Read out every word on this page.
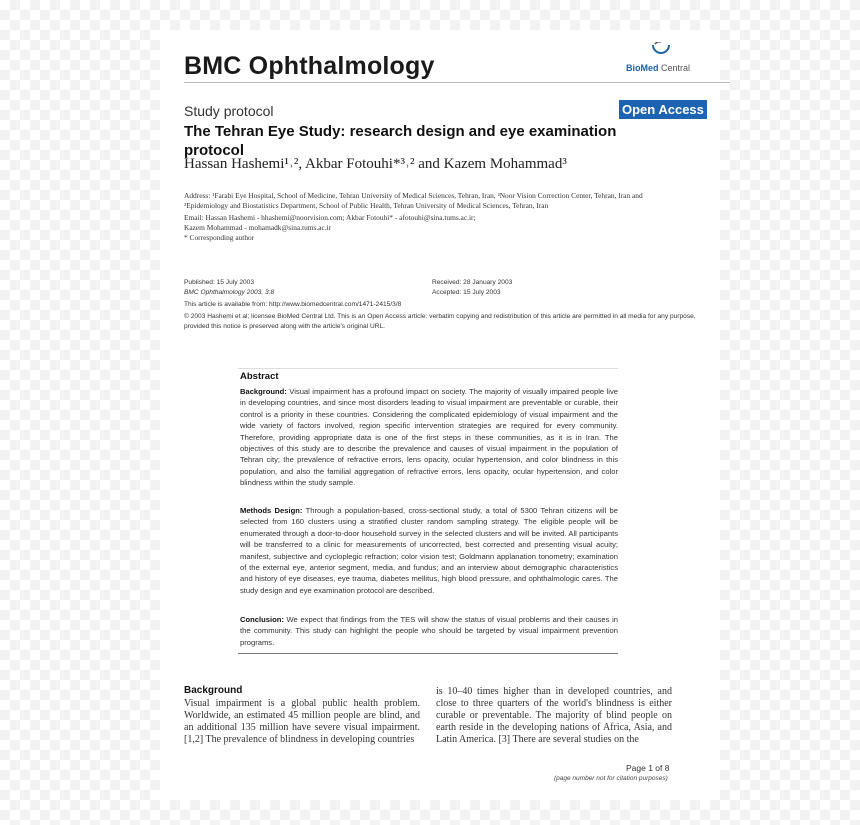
BMC Ophthalmology	BioMed Central
Study protocol	Open Access
The Tehran Eye Study: research design and eye examination protocol
Hassan Hashemi¹˒², Akbar Fotouhi*³˒² and Kazem Mohammad³
Address: ¹Farabi Eye Hospital, School of Medicine, Tehran University of Medical Sciences, Tehran, Iran, ²Noor Vision Correction Center, Tehran, Iran and ³Epidemiology and Biostatistics Department, School of Public Health, Tehran University of Medical Sciences, Tehran, Iran
Email: Hassan Hashemi - hhashemi@noorvision.com; Akbar Fotouhi* - afotouhi@sina.tums.ac.ir;
Kazem Mohammad - mohamadk@sina.tums.ac.ir
* Corresponding author
Published: 15 July 2003
BMC Ophthalmology 2003, 3:8
This article is available from: http://www.biomedcentral.com/1471-2415/3/8
© 2003 Hashemi et al; licensee BioMed Central Ltd. This is an Open Access article: verbatim copying and redistribution of this article are permitted in all media for any purpose, provided this notice is preserved along with the article's original URL.
Received: 28 January 2003
Accepted: 15 July 2003
Abstract
Background: Visual impairment has a profound impact on society. The majority of visually impaired people live in developing countries, and since most disorders leading to visual impairment are preventable or curable, their control is a priority in these countries. Considering the complicated epidemiology of visual impairment and the wide variety of factors involved, region specific intervention strategies are required for every community. Therefore, providing appropriate data is one of the first steps in these communities, as it is in Iran. The objectives of this study are to describe the prevalence and causes of visual impairment in the population of Tehran city; the prevalence of refractive errors, lens opacity, ocular hypertension, and color blindness in this population, and also the familial aggregation of refractive errors, lens opacity, ocular hypertension, and color blindness within the study sample.
Methods Design: Through a population-based, cross-sectional study, a total of 5300 Tehran citizens will be selected from 160 clusters using a stratified cluster random sampling strategy. The eligible people will be enumerated through a door-to-door household survey in the selected clusters and will be invited. All participants will be transferred to a clinic for measurements of uncorrected, best corrected and presenting visual acuity; manifest, subjective and cycloplegic refraction; color vision test; Goldmann applanation tonometry; examination of the external eye, anterior segment, media, and fundus; and an interview about demographic characteristics and history of eye diseases, eye trauma, diabetes mellitus, high blood pressure, and ophthalmologic cares. The study design and eye examination protocol are described.
Conclusion: We expect that findings from the TES will show the status of visual problems and their causes in the community. This study can highlight the people who should be targeted by visual impairment prevention programs.
Background
Visual impairment is a global public health problem. Worldwide, an estimated 45 million people are blind, and an additional 135 million have severe visual impairment. [1,2] The prevalence of blindness in developing countries
is 10–40 times higher than in developed countries, and close to three quarters of the world's blindness is either curable or preventable. The majority of blind people on earth reside in the developing nations of Africa, Asia, and Latin America. [3] There are several studies on the
Page 1 of 8
(page number not for citation purposes)
